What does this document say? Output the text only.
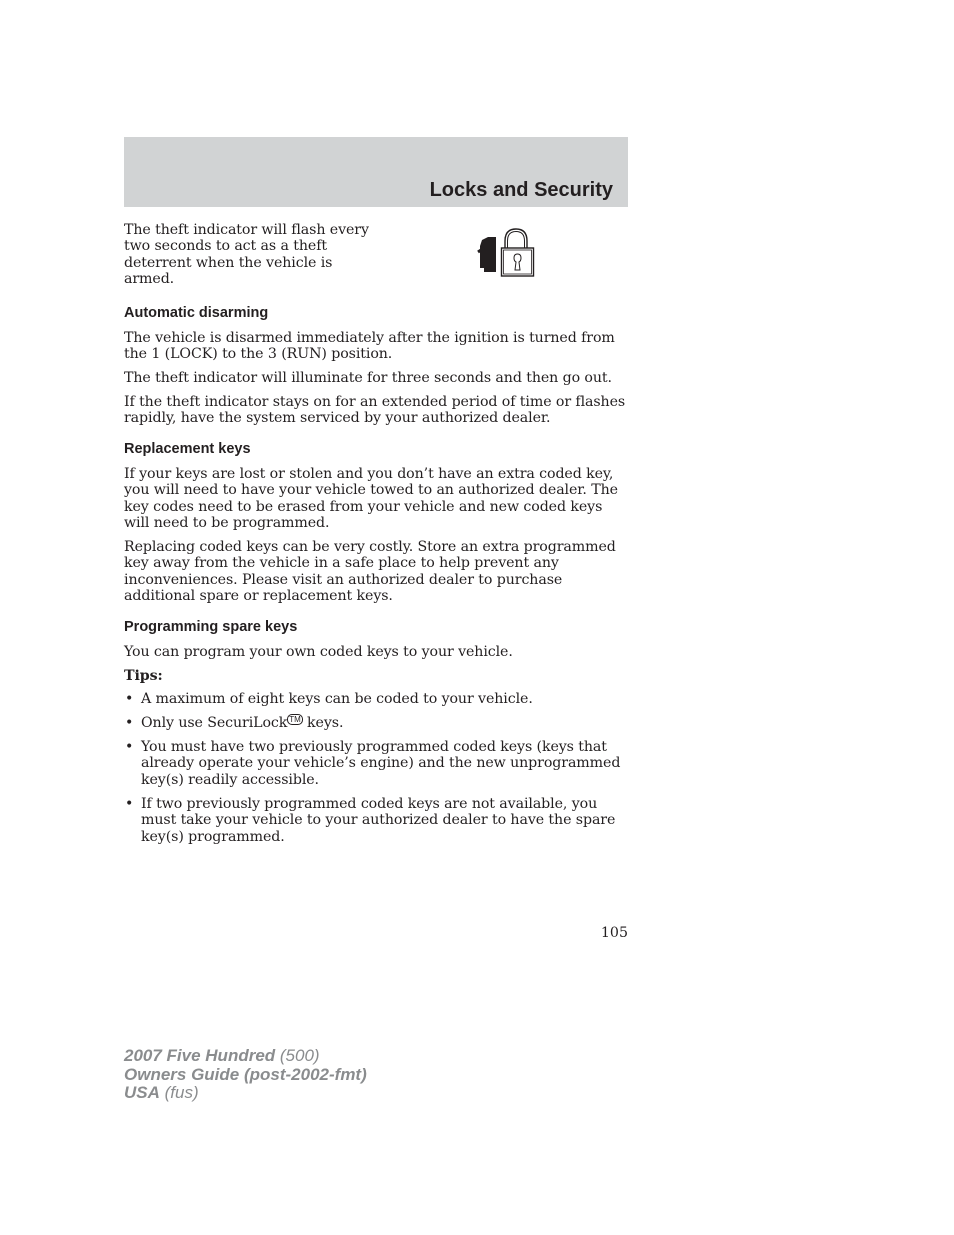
Locks and Security

The theft indicator will flash every two seconds to act as a theft deterrent when the vehicle is armed.

Automatic disarming

The vehicle is disarmed immediately after the ignition is turned from the 1 (LOCK) to the 3 (RUN) position.

The theft indicator will illuminate for three seconds and then go out.

If the theft indicator stays on for an extended period of time or flashes rapidly, have the system serviced by your authorized dealer.

Replacement keys

If your keys are lost or stolen and you don’t have an extra coded key, you will need to have your vehicle towed to an authorized dealer. The key codes need to be erased from your vehicle and new coded keys will need to be programmed.

Replacing coded keys can be very costly. Store an extra programmed key away from the vehicle in a safe place to help prevent any inconveniences. Please visit an authorized dealer to purchase additional spare or replacement keys.

Programming spare keys

You can program your own coded keys to your vehicle.

Tips:

• A maximum of eight keys can be coded to your vehicle.
• Only use SecuriLock ™ keys.
• You must have two previously programmed coded keys (keys that already operate your vehicle’s engine) and the new unprogrammed key(s) readily accessible.
• If two previously programmed coded keys are not available, you must take your vehicle to your authorized dealer to have the spare key(s) programmed.

105

2007 Five Hundred (500)
Owners Guide (post-2002-fmt)
USA (fus)
